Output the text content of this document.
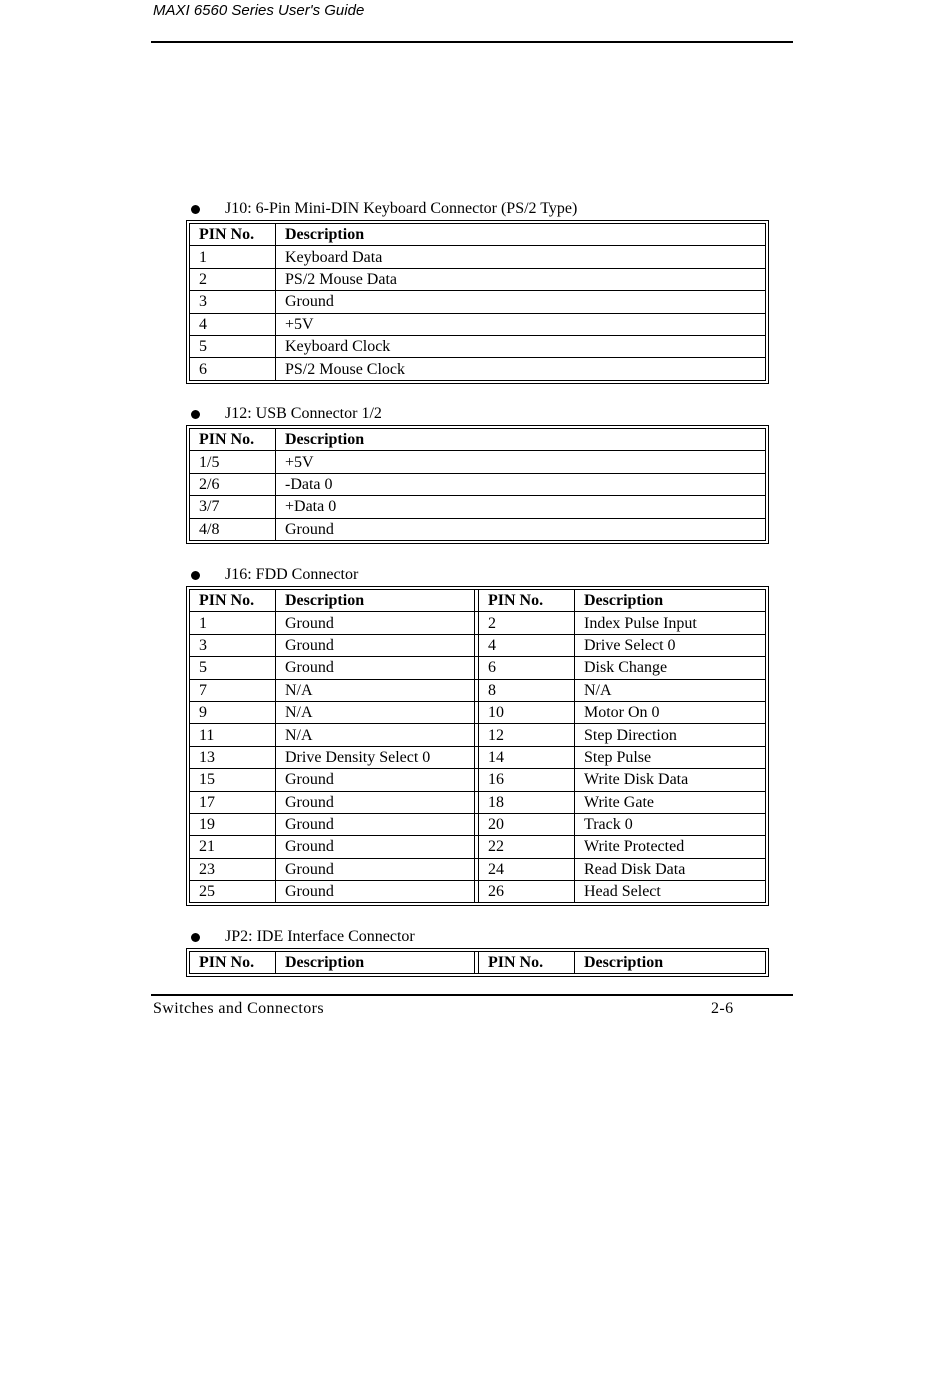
MAXI 6560 Series User's Guide
J10: 6-Pin Mini-DIN Keyboard Connector (PS/2 Type)
PIN No.	Description
1	Keyboard Data
2	PS/2 Mouse Data
3	Ground
4	+5V
5	Keyboard Clock
6	PS/2 Mouse Clock
J12: USB Connector 1/2
PIN No.	Description
1/5	+5V
2/6	-Data 0
3/7	+Data 0
4/8	Ground
J16: FDD Connector
PIN No.	Description		PIN No.	Description
1	Ground		2	Index Pulse Input
3	Ground		4	Drive Select 0
5	Ground		6	Disk Change
7	N/A		8	N/A
9	N/A		10	Motor On 0
11	N/A		12	Step Direction
13	Drive Density Select 0		14	Step Pulse
15	Ground		16	Write Disk Data
17	Ground		18	Write Gate
19	Ground		20	Track 0
21	Ground		22	Write Protected
23	Ground		24	Read Disk Data
25	Ground		26	Head Select
JP2: IDE Interface Connector
PIN No.	Description		PIN No.	Description
Switches and Connectors	2-6
